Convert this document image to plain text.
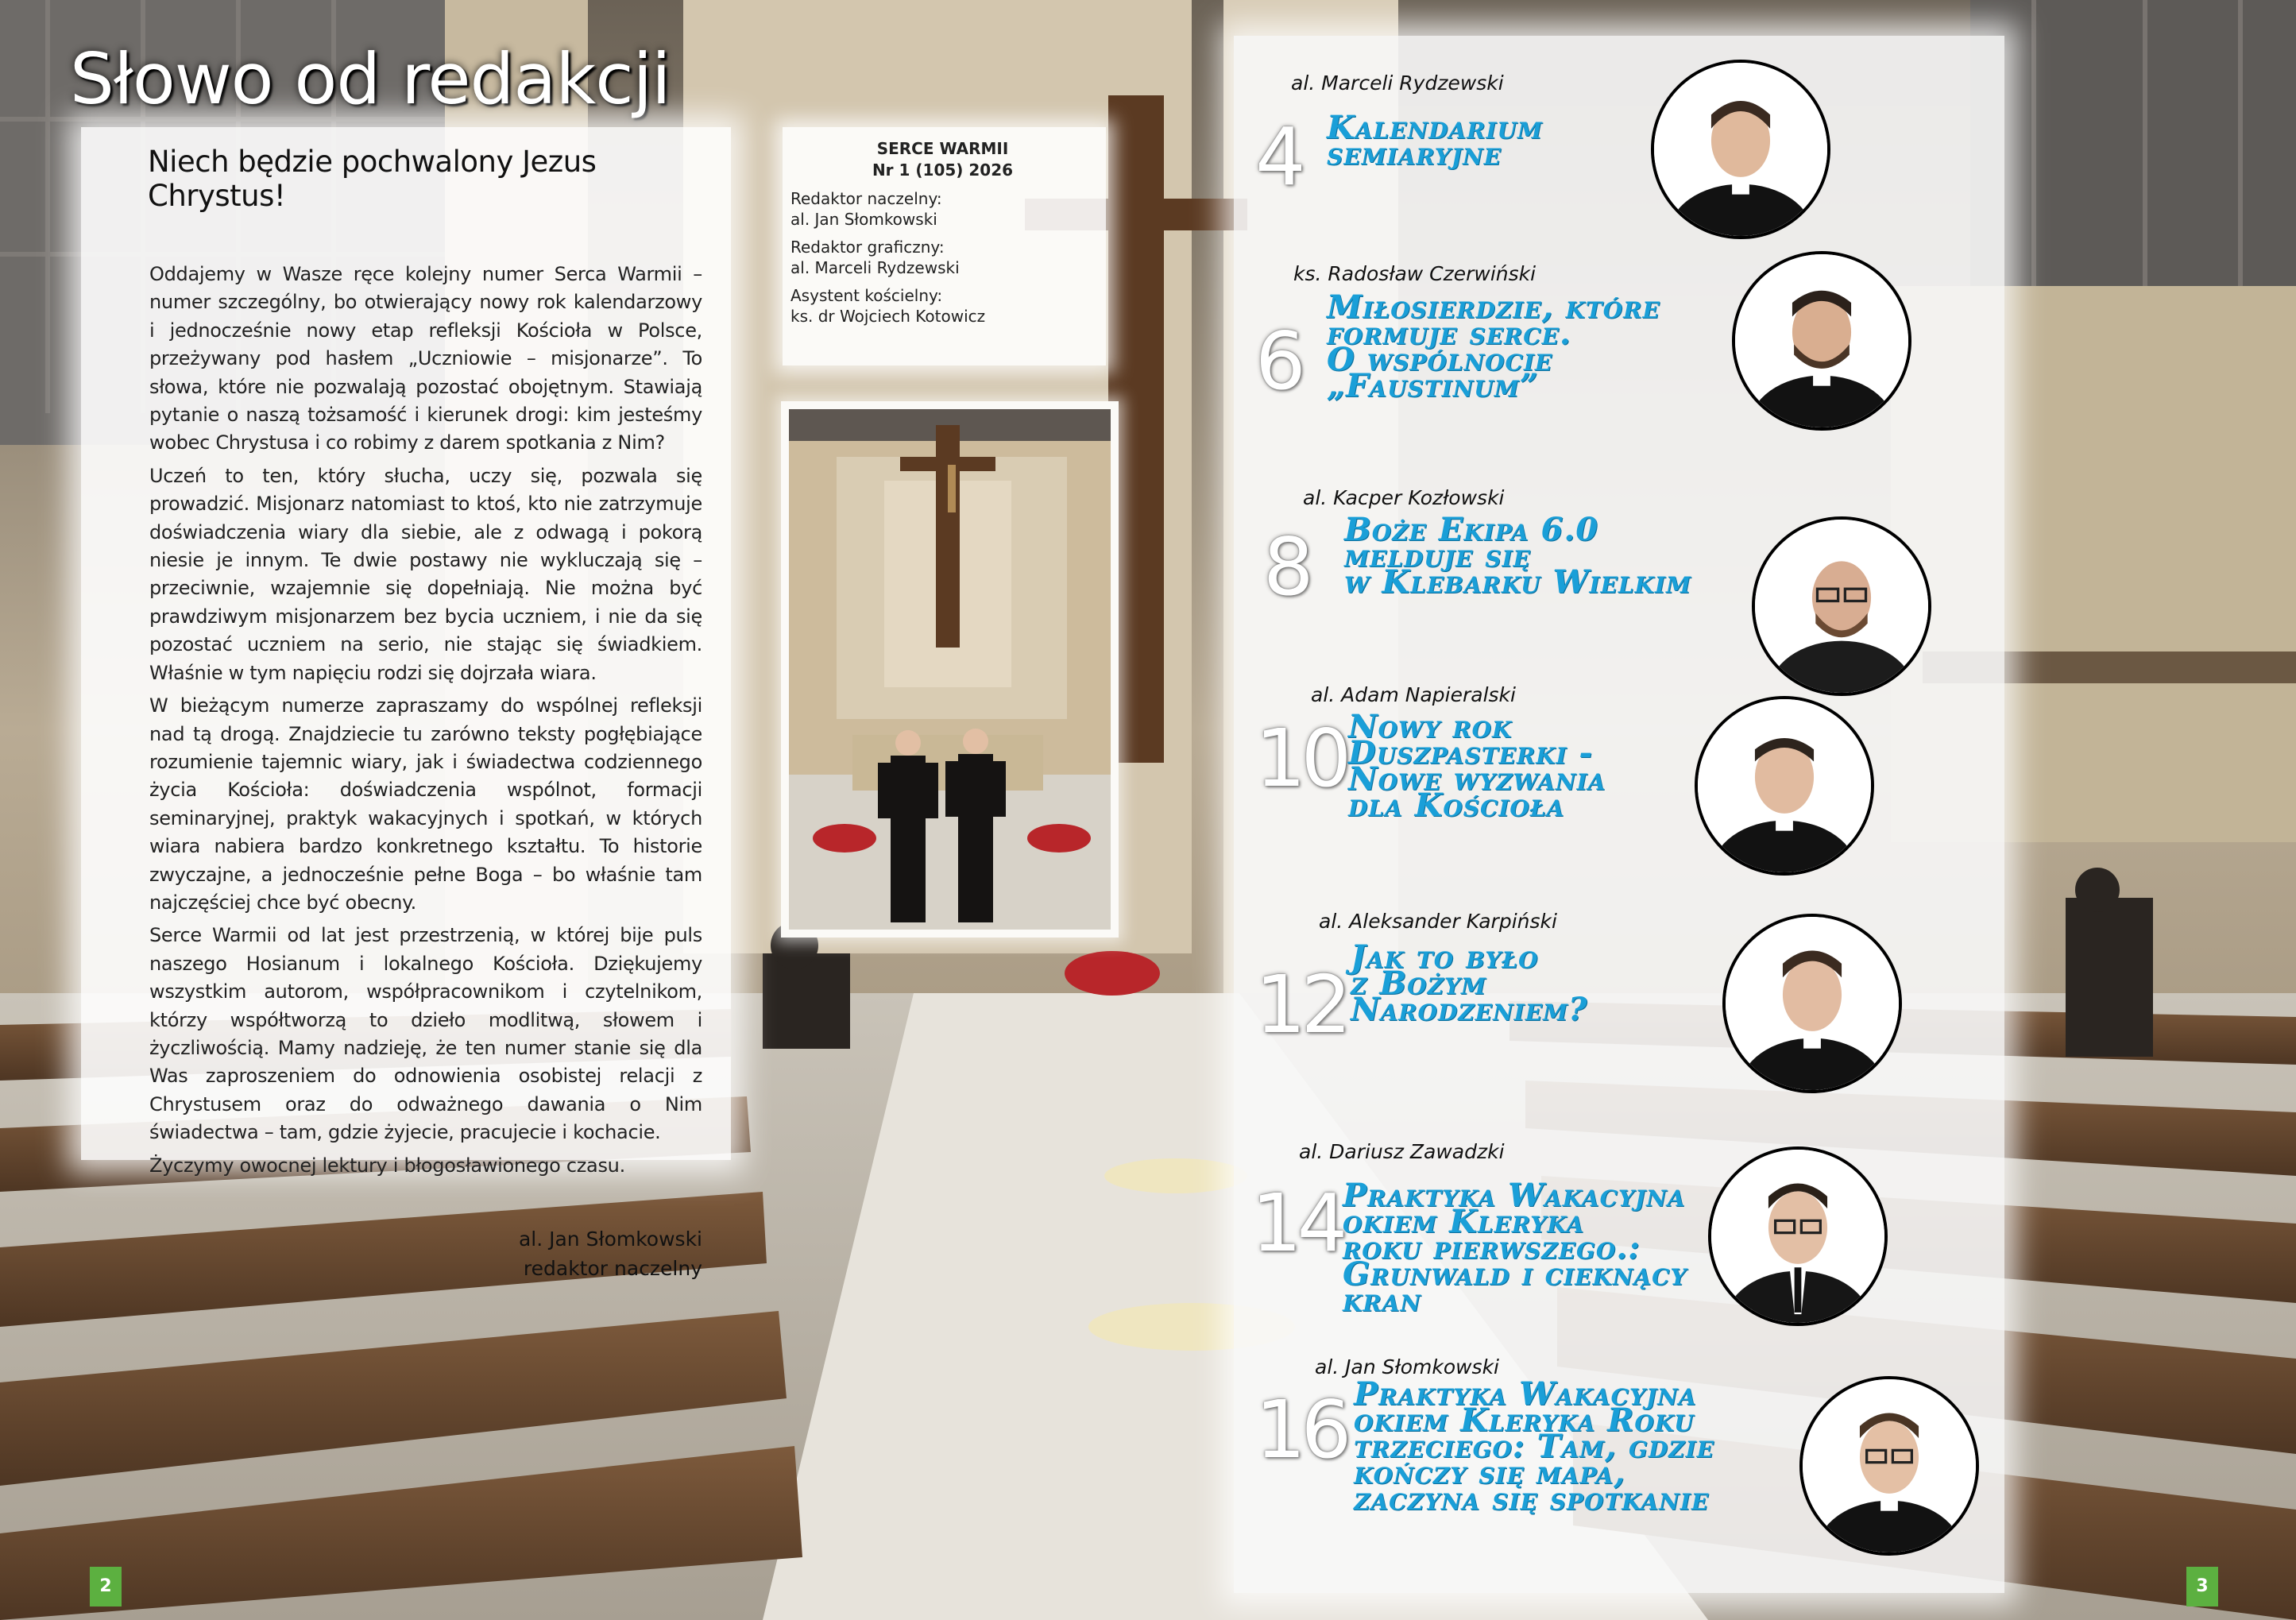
Słowo od redakcji
Niech będzie pochwalony Jezus Chrystus!

Oddajemy w Wasze ręce kolejny numer Serca Warmii – numer szczególny, bo otwierający nowy rok kalendarzowy i jednocześnie nowy etap refleksji Kościoła w Polsce, przeżywany pod hasłem „Uczniowie – misjonarze”. To słowa, które nie pozwalają pozostać obojętnym. Stawiają pytanie o naszą tożsamość i kierunek drogi: kim jesteśmy wobec Chrystusa i co robimy z darem spotkania z Nim?

Uczeń to ten, który słucha, uczy się, pozwala się prowadzić. Misjonarz natomiast to ktoś, kto nie zatrzymuje doświadczenia wiary dla siebie, ale z odwagą i pokorą niesie je innym. Te dwie postawy nie wykluczają się – przeciwnie, wzajemnie się dopełniają. Nie można być prawdziwym misjonarzem bez bycia uczniem, i nie da się pozostać uczniem na serio, nie stając się świadkiem. Właśnie w tym napięciu rodzi się dojrzała wiara.

W bieżącym numerze zapraszamy do wspólnej refleksji nad tą drogą. Znajdziecie tu zarówno teksty pogłębiające rozumienie tajemnic wiary, jak i świadectwa codziennego życia Kościoła: doświadczenia wspólnot, formacji seminaryjnej, praktyk wakacyjnych i spotkań, w których wiara nabiera bardzo konkretnego kształtu. To historie zwyczajne, a jednocześnie pełne Boga – bo właśnie tam najczęściej chce być obecny.

Serce Warmii od lat jest przestrzenią, w której bije puls naszego Hosianum i lokalnego Kościoła. Dziękujemy wszystkim autorom, współpracownikom i czytelnikom, którzy współtworzą to dzieło modlitwą, słowem i życzliwością. Mamy nadzieję, że ten numer stanie się dla Was zaproszeniem do odnowienia osobistej relacji z Chrystusem oraz do odważnego dawania o Nim świadectwa – tam, gdzie żyjecie, pracujecie i kochacie.

Życzymy owocnej lektury i błogosławionego czasu.

al. Jan Słomkowski
redaktor naczelny
SERCE WARMII
Nr 1 (105) 2026
Redaktor naczelny:
al. Jan Słomkowski
Redaktor graficzny:
al. Marceli Rydzewski
Asystent kościelny:
ks. dr Wojciech Kotowicz
al. Marceli Rydzewski
4 Kalendarium
semiaryjne
ks. Radosław Czerwiński
6
Miłosierdzie, które
formuje serce.
O wspólnocie
„Faustinum”
al. Kacper Kozłowski
8 Boże Ekipa 6.0
melduje się
w Klebarku Wielkim
al. Adam Napieralski
10 Nowy rok
Duszpasterki -
Nowe wyzwania
dla Kościoła
al. Aleksander Karpiński
12
Jak to było
z Bożym
Narodzeniem?
al. Dariusz Zawadzki
14 Praktyka Wakacyjna
okiem Kleryka
roku pierwszego.:
Grunwald i cieknący
kran
al. Jan Słomkowski
16 Praktyka Wakacyjna
okiem Kleryka Roku
trzeciego: Tam, gdzie
kończy się mapa,
zaczyna się spotkanie
2	3
